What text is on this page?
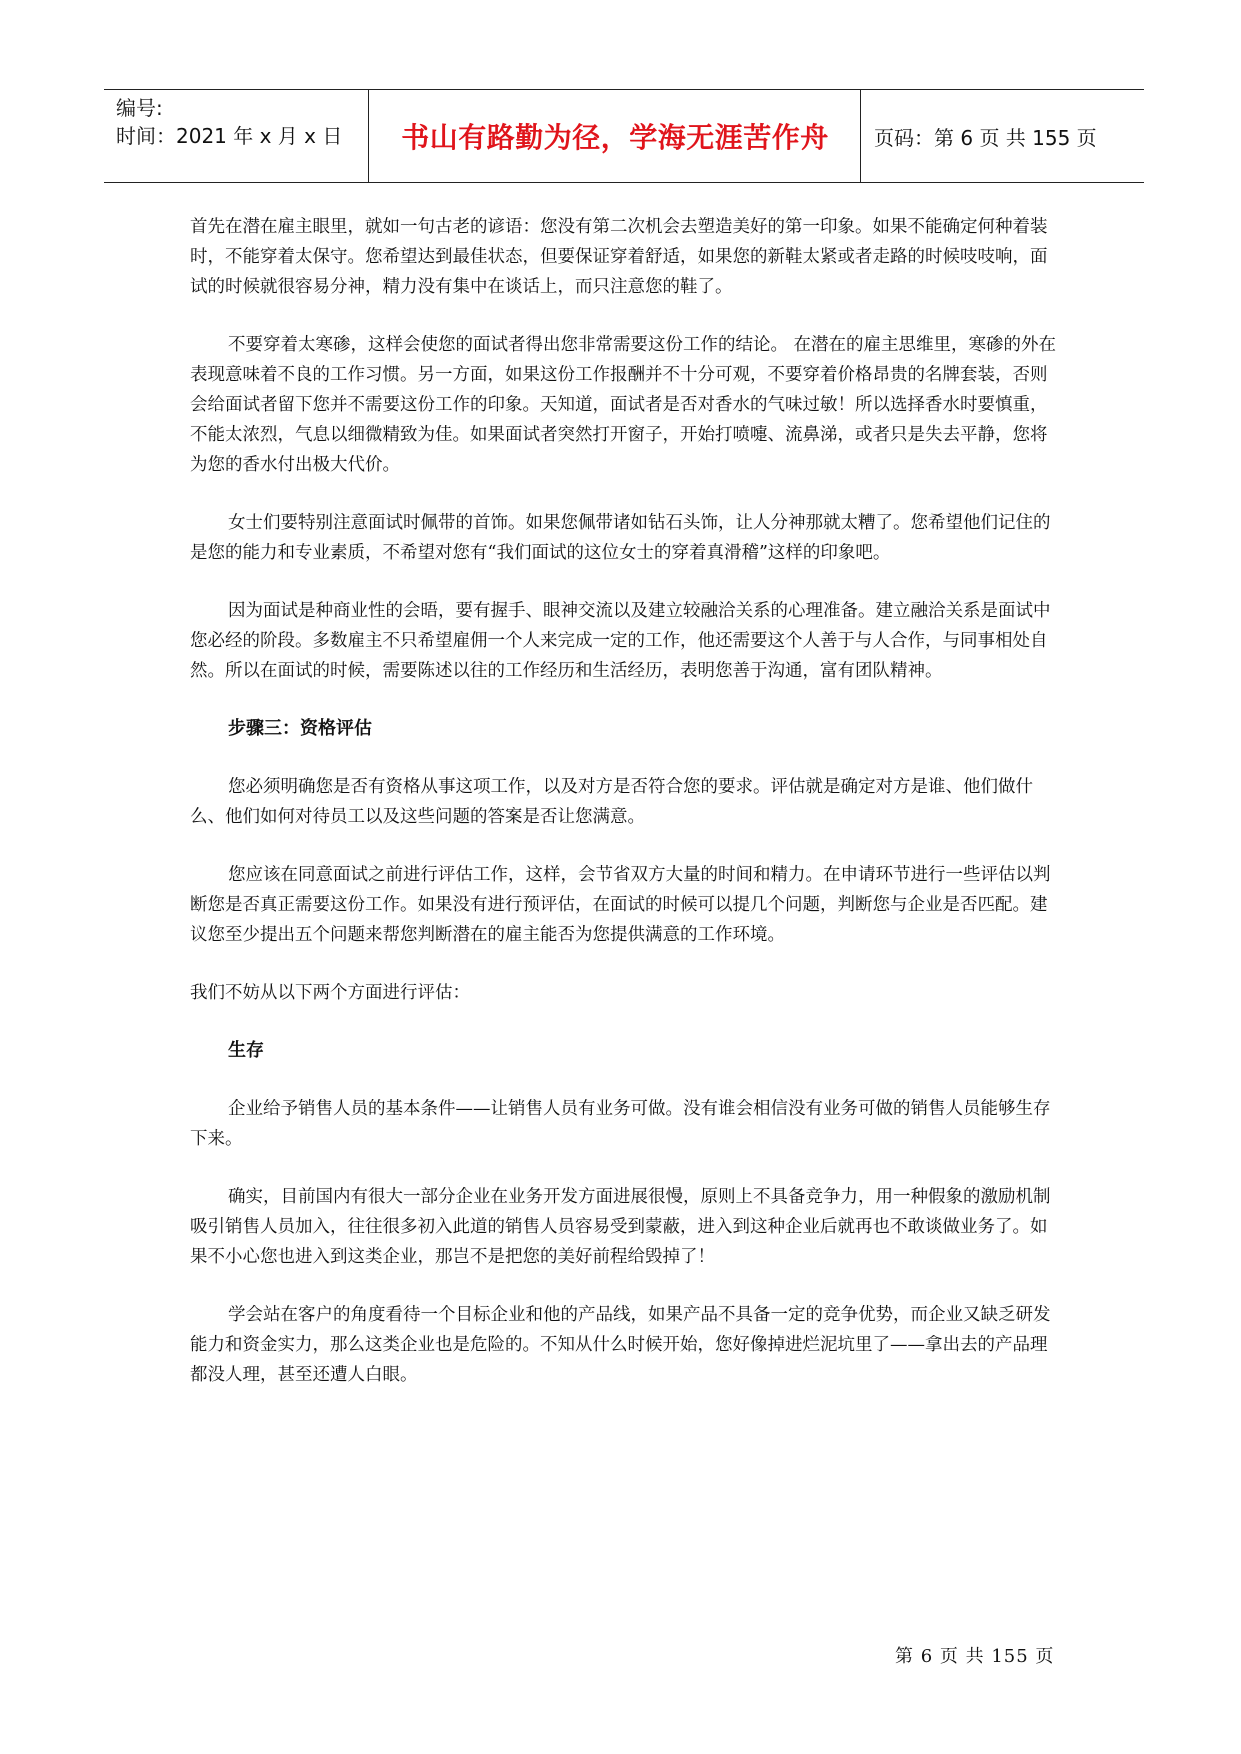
编号:
时间：2021 年 x 月 x 日	书山有路勤为径，学海无涯苦作舟	页码：第 6 页 共 155 页

首先在潜在雇主眼里，就如一句古老的谚语：您没有第二次机会去塑造美好的第一印象。如果不能确定何种着装时，不能穿着太保守。您希望达到最佳状态，但要保证穿着舒适，如果您的新鞋太紧或者走路的时候吱吱响，面试的时候就很容易分神，精力没有集中在谈话上，而只注意您的鞋了。

不要穿着太寒碜，这样会使您的面试者得出您非常需要这份工作的结论。 在潜在的雇主思维里，寒碜的外在表现意味着不良的工作习惯。另一方面，如果这份工作报酬并不十分可观，不要穿着价格昂贵的名牌套装，否则会给面试者留下您并不需要这份工作的印象。天知道，面试者是否对香水的气味过敏！所以选择香水时要慎重，不能太浓烈，气息以细微精致为佳。如果面试者突然打开窗子，开始打喷嚏、流鼻涕，或者只是失去平静，您将为您的香水付出极大代价。

女士们要特别注意面试时佩带的首饰。如果您佩带诸如钻石头饰，让人分神那就太糟了。您希望他们记住的是您的能力和专业素质，不希望对您有“我们面试的这位女士的穿着真滑稽”这样的印象吧。

因为面试是种商业性的会晤，要有握手、眼神交流以及建立较融洽关系的心理准备。建立融洽关系是面试中您必经的阶段。多数雇主不只希望雇佣一个人来完成一定的工作，他还需要这个人善于与人合作，与同事相处自然。所以在面试的时候，需要陈述以往的工作经历和生活经历，表明您善于沟通，富有团队精神。

步骤三：资格评估

您必须明确您是否有资格从事这项工作，以及对方是否符合您的要求。评估就是确定对方是谁、他们做什么、他们如何对待员工以及这些问题的答案是否让您满意。

您应该在同意面试之前进行评估工作，这样，会节省双方大量的时间和精力。在申请环节进行一些评估以判断您是否真正需要这份工作。如果没有进行预评估，在面试的时候可以提几个问题，判断您与企业是否匹配。建议您至少提出五个问题来帮您判断潜在的雇主能否为您提供满意的工作环境。

我们不妨从以下两个方面进行评估：

生存

企业给予销售人员的基本条件——让销售人员有业务可做。没有谁会相信没有业务可做的销售人员能够生存下来。

确实，目前国内有很大一部分企业在业务开发方面进展很慢，原则上不具备竞争力，用一种假象的激励机制吸引销售人员加入，往往很多初入此道的销售人员容易受到蒙蔽，进入到这种企业后就再也不敢谈做业务了。如果不小心您也进入到这类企业，那岂不是把您的美好前程给毁掉了！

学会站在客户的角度看待一个目标企业和他的产品线，如果产品不具备一定的竞争优势，而企业又缺乏研发能力和资金实力，那么这类企业也是危险的。不知从什么时候开始，您好像掉进烂泥坑里了——拿出去的产品理都没人理，甚至还遭人白眼。

第 6 页 共 155 页
